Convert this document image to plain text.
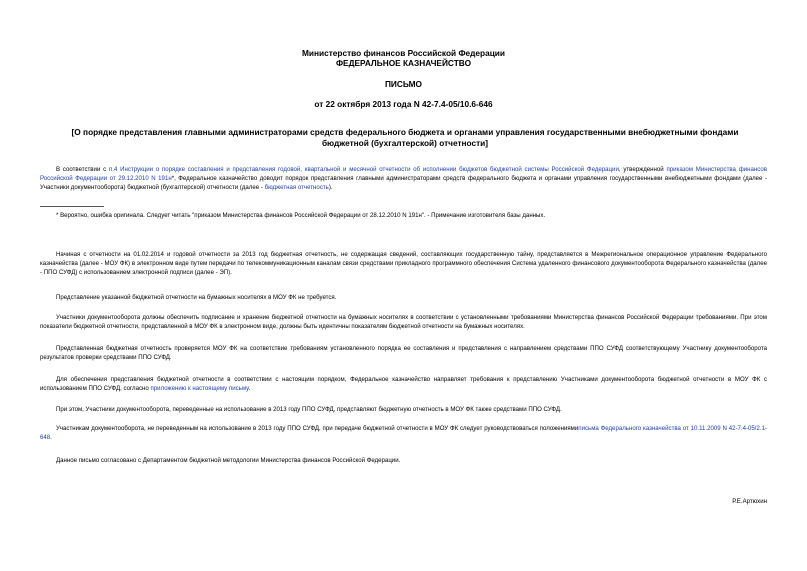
Министерство финансов Российской Федерации
ФЕДЕРАЛЬНОЕ КАЗНАЧЕЙСТВО
ПИСЬМО
от 22 октября 2013 года N 42-7.4-05/10.6-646
[О порядке представления главными администраторами средств федерального бюджета и органами управления государственными внебюджетными фондами
бюджетной (бухгалтерской) отчетности]
В соответствии с п.4 Инструкции о порядке составления и представления годовой, квартальной и месячной отчетности об исполнении бюджетов бюджетной системы Российской Федерации, утвержденной приказом Министерства финансов Российской Федерации от 29.12.2010 N 191н*, Федеральное казначейство доводит порядок представления главными администраторами средств федерального бюджета и органами управления государственными внебюджетными фондами (далее - Участники документооборота) бюджетной (бухгалтерской) отчетности (далее - бюджетная отчетность).
* Вероятно, ошибка оригинала. Следует читать "приказом Министерства финансов Российской Федерации от 28.12.2010 N 191н". - Примечание изготовителя базы данных.
Начиная с отчетности на 01.02.2014 и годовой отчетности за 2013 год бюджетная отчетность, не содержащая сведений, составляющих государственную тайну, представляется в Межрегиональное операционное управление Федерального казначейства (далее - МОУ ФК) в электронном виде путем передачи по телекоммуникационным каналам связи средствами прикладного программного обеспечения Система удаленного финансового документооборота Федерального казначейства (далее - ППО СУФД) с использованием электронной подписи (далее - ЭП).
Представление указанной бюджетной отчетности на бумажных носителях в МОУ ФК не требуется.
Участники документооборота должны обеспечить подписание и хранение бюджетной отчетности на бумажных носителях в соответствии с установленными требованиями Министерства финансов Российской Федерации требованиями. При этом показатели бюджетной отчетности, представленной в МОУ ФК в электронном виде, должны быть идентичны показателям бюджетной отчетности на бумажных носителях.
Представленная бюджетная отчетность проверяется МОУ ФК на соответствие требованиям установленного порядка ее составления и представления с направлением средствами ППО СУФД соответствующему Участнику документооборота результатов проверки средствами ППО СУФД.
Для обеспечения представления бюджетной отчетности в соответствии с настоящим порядком, Федеральное казначейство направляет требования к представлению Участниками документооборота бюджетной отчетности в МОУ ФК с использованием ППО СУФД, согласно приложению к настоящему письму.
При этом, Участники документооборота, переведенные на использование в 2013 году ППО СУФД, представляют бюджетную отчетность в МОУ ФК также средствами ППО СУФД.
Участникам документооборота, не переведенным на использование в 2013 году ППО СУФД, при передаче бюджетной отчетности в МОУ ФК следует руководствоваться положениямиписьма Федерального казначейства от 10.11.2009 N 42-7.4-05/2.1-648.
Данное письмо согласовано с Департаментом бюджетной методологии Министерства финансов Российской Федерации.
Р.Е.Артюхин
